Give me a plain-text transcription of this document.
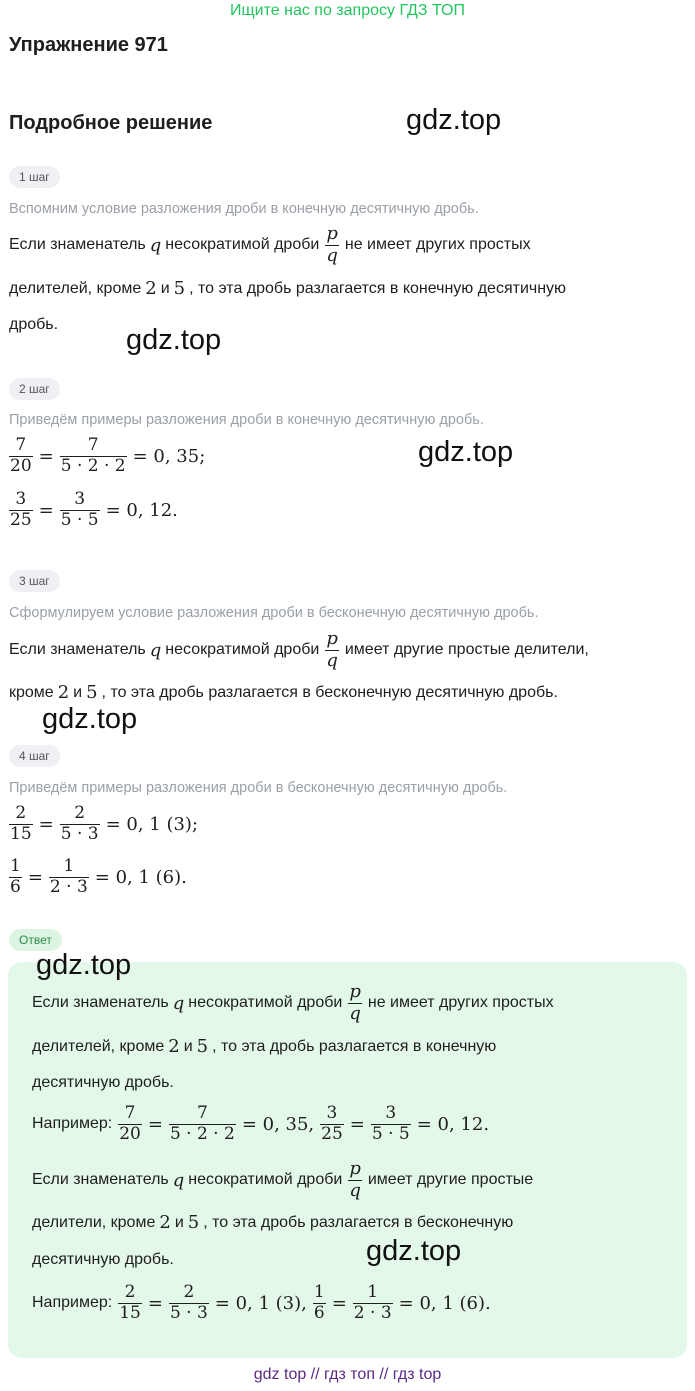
Ищите нас по запросу ГДЗ ТОП
Упражнение 971
Подробное решение	gdz.top
gdz.top
gdz.top
gdz.top
gdz.top
1 шаг
Вспомним условие разложения дроби в конечную десятичную дробь.
Если знаменатель q несократимой дроби $\frac{p}{q}$ не имеет других простых
делителей, кроме 2 и 5 , то эта дробь разлагается в конечную десятичную
дробь.
2 шаг
Приведём примеры разложения дроби в конечную десятичную дробь.
$\frac{7}{20} = \frac{7}{5 \cdot 2 \cdot 2} = 0$, 35;
$\frac{3}{25} = \frac{3}{5 \cdot 5} = 0$, 12.
3 шаг
Сформулируем условие разложения дроби в бесконечную десятичную дробь.
Если знаменатель q несократимой дроби $\frac{p}{q}$ имеет другие простые делители,
кроме 2 и 5 , то эта дробь разлагается в бесконечную десятичную дробь.
4 шаг
Приведём примеры разложения дроби в бесконечную десятичную дробь.
$\frac{2}{15} = \frac{2}{5 \cdot 3} = 0$, 1 (3);
$\frac{1}{6} = \frac{1}{2 \cdot 3} = 0$, 1 (6).
Ответ
gdz.top
Если знаменатель q несократимой дроби $\frac{p}{q}$ не имеет других простых
делителей, кроме 2 и 5 , то эта дробь разлагается в конечную
десятичную дробь.
Например: $\frac{7}{20} = \frac{7}{5 \cdot 2 \cdot 2} = 0$, 35, $\frac{3}{25} = \frac{3}{5 \cdot 5} = 0$, 12.
Если знаменатель q несократимой дроби $\frac{p}{q}$ имеет другие простые
делители, кроме 2 и 5 , то эта дробь разлагается в бесконечную
десятичную дробь.
Например: $\frac{2}{15} = \frac{2}{5 \cdot 3} = 0$, 1 (3), $\frac{1}{6} = \frac{1}{2 \cdot 3} = 0$, 1 (6).
gdz top // гдз топ // гдз top
